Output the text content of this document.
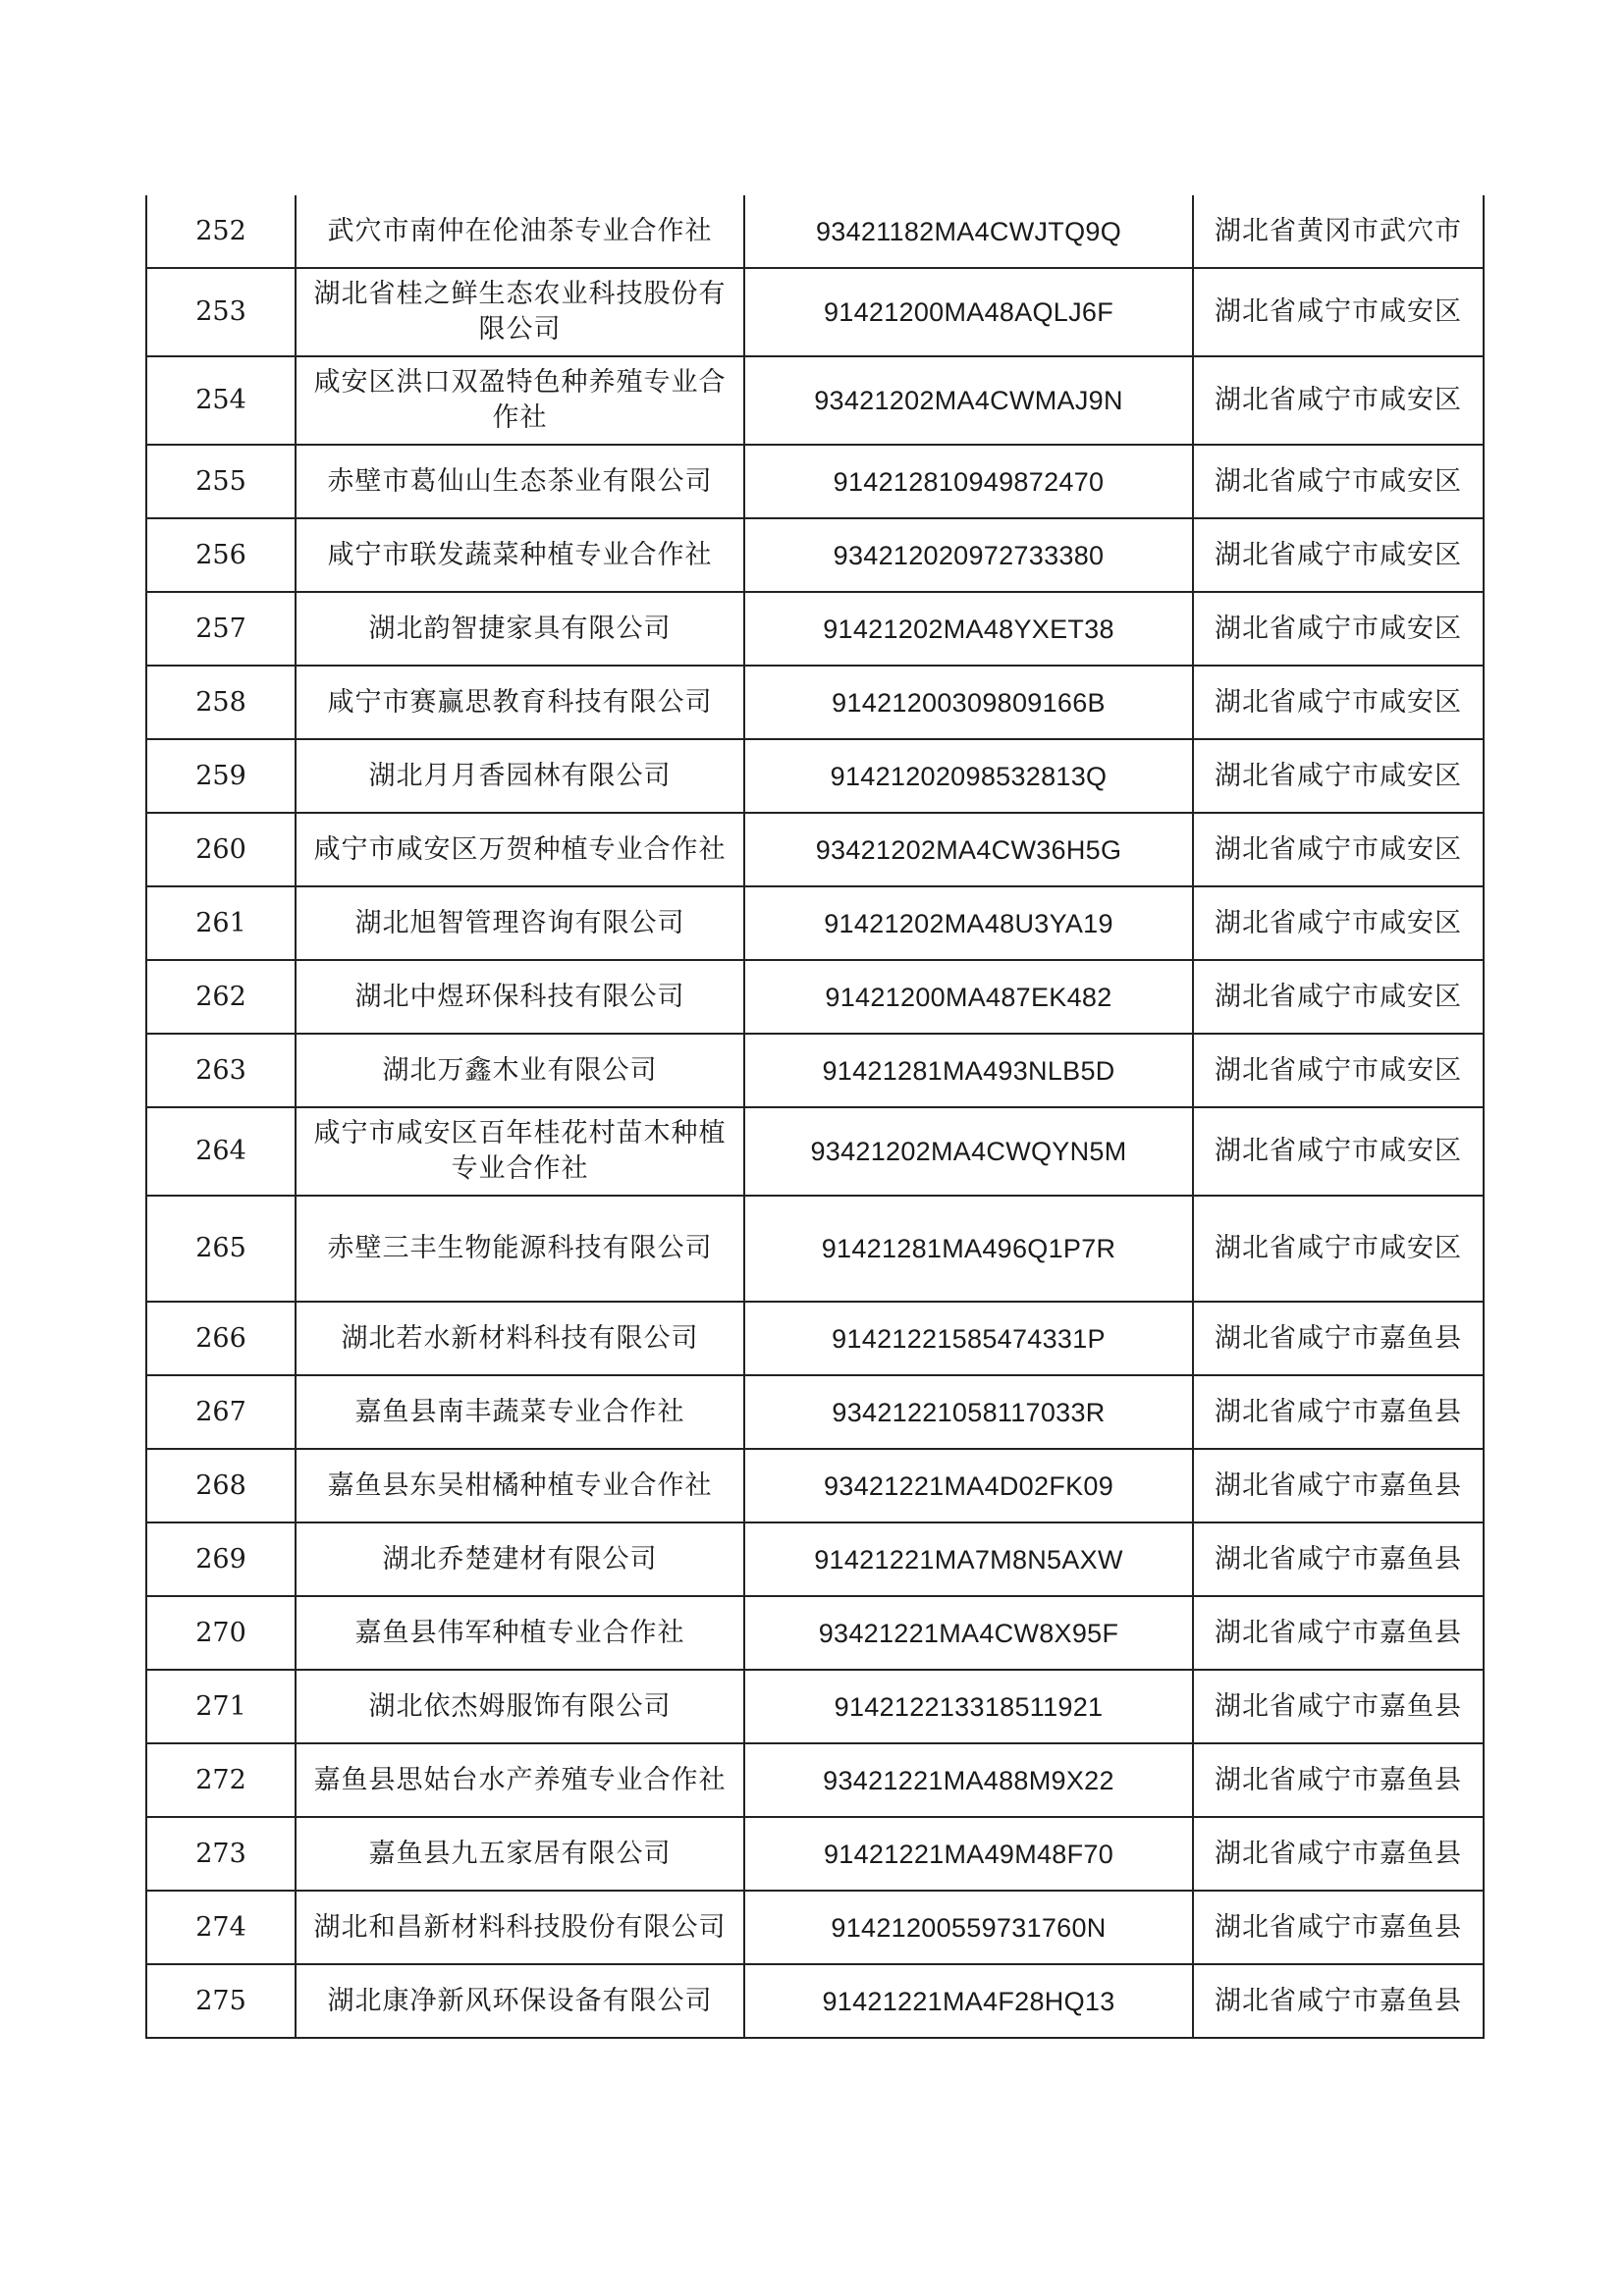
252	武穴市南仲在伦油茶专业合作社	93421182MA4CWJTQ9Q	湖北省黄冈市武穴市
253	湖北省桂之鲜生态农业科技股份有限公司	91421200MA48AQLJ6F	湖北省咸宁市咸安区
254	咸安区洪口双盈特色种养殖专业合作社	93421202MA4CWMAJ9N	湖北省咸宁市咸安区
255	赤壁市葛仙山生态茶业有限公司	914212810949872470	湖北省咸宁市咸安区
256	咸宁市联发蔬菜种植专业合作社	934212020972733380	湖北省咸宁市咸安区
257	湖北韵智捷家具有限公司	91421202MA48YXET38	湖北省咸宁市咸安区
258	咸宁市赛赢思教育科技有限公司	91421200309809166B	湖北省咸宁市咸安区
259	湖北月月香园林有限公司	91421202098532813Q	湖北省咸宁市咸安区
260	咸宁市咸安区万贺种植专业合作社	93421202MA4CW36H5G	湖北省咸宁市咸安区
261	湖北旭智管理咨询有限公司	91421202MA48U3YA19	湖北省咸宁市咸安区
262	湖北中煜环保科技有限公司	91421200MA487EK482	湖北省咸宁市咸安区
263	湖北万鑫木业有限公司	91421281MA493NLB5D	湖北省咸宁市咸安区
264	咸宁市咸安区百年桂花村苗木种植专业合作社	93421202MA4CWQYN5M	湖北省咸宁市咸安区
265	赤壁三丰生物能源科技有限公司	91421281MA496Q1P7R	湖北省咸宁市咸安区
266	湖北若水新材料科技有限公司	91421221585474331P	湖北省咸宁市嘉鱼县
267	嘉鱼县南丰蔬菜专业合作社	93421221058117033R	湖北省咸宁市嘉鱼县
268	嘉鱼县东吴柑橘种植专业合作社	93421221MA4D02FK09	湖北省咸宁市嘉鱼县
269	湖北乔楚建材有限公司	91421221MA7M8N5AXW	湖北省咸宁市嘉鱼县
270	嘉鱼县伟军种植专业合作社	93421221MA4CW8X95F	湖北省咸宁市嘉鱼县
271	湖北依杰姆服饰有限公司	914212213318511921	湖北省咸宁市嘉鱼县
272	嘉鱼县思姑台水产养殖专业合作社	93421221MA488M9X22	湖北省咸宁市嘉鱼县
273	嘉鱼县九五家居有限公司	91421221MA49M48F70	湖北省咸宁市嘉鱼县
274	湖北和昌新材料科技股份有限公司	91421200559731760N	湖北省咸宁市嘉鱼县
275	湖北康净新风环保设备有限公司	91421221MA4F28HQ13	湖北省咸宁市嘉鱼县
